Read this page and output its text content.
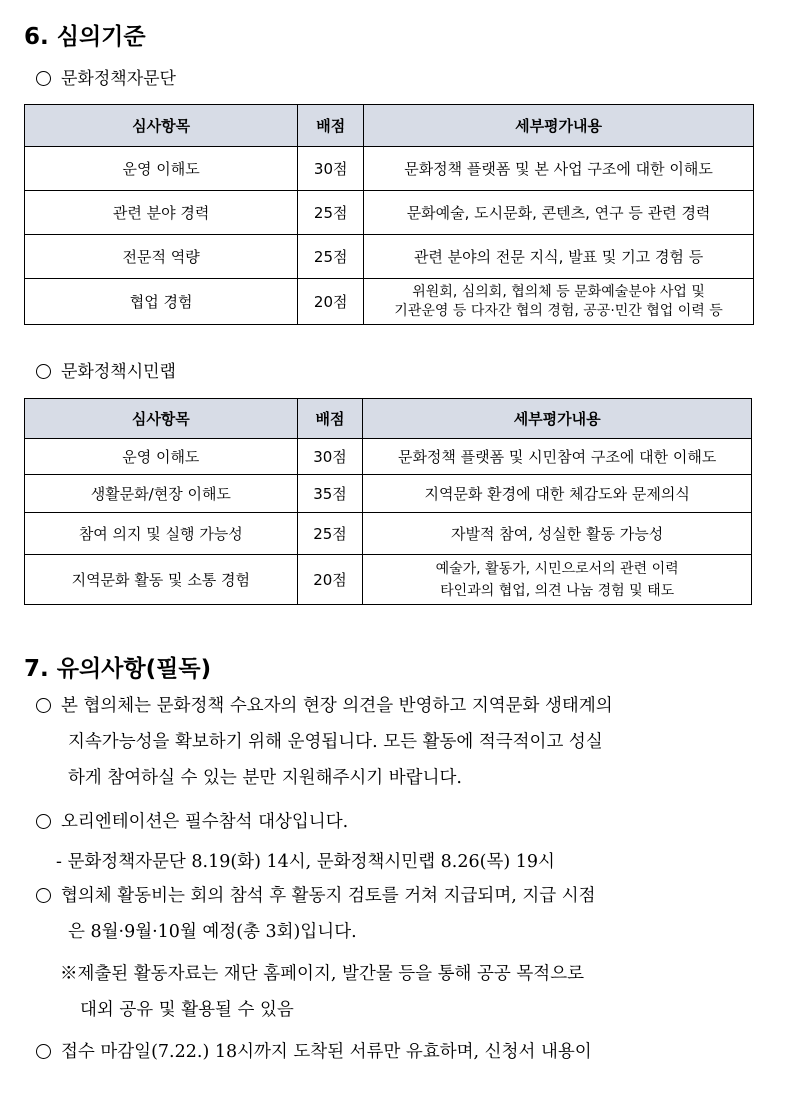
6. 심의기준
문화정책자문단
심사항목	배점	세부평가내용
운영 이해도	30점	문화정책 플랫폼 및 본 사업 구조에 대한 이해도
관련 분야 경력	25점	문화예술, 도시문화, 콘텐츠, 연구 등 관련 경력
전문적 역량	25점	관련 분야의 전문 지식, 발표 및 기고 경험 등
협업 경험	20점	위원회, 심의회, 협의체 등 문화예술분야 사업 및
기관운영 등 다자간 협의 경험, 공공·민간 협업 이력 등
문화정책시민랩
심사항목	배점	세부평가내용
운영 이해도	30점	문화정책 플랫폼 및 시민참여 구조에 대한 이해도
생활문화/현장 이해도	35점	지역문화 환경에 대한 체감도와 문제의식
참여 의지 및 실행 가능성	25점	자발적 참여, 성실한 활동 가능성
지역문화 활동 및 소통 경험	20점	예술가, 활동가, 시민으로서의 관련 이력
타인과의 협업, 의견 나눔 경험 및 태도
7. 유의사항(필독)
본 협의체는 문화정책 수요자의 현장 의견을 반영하고 지역문화 생태계의
지속가능성을 확보하기 위해 운영됩니다. 모든 활동에 적극적이고 성실
하게 참여하실 수 있는 분만 지원해주시기 바랍니다.
오리엔테이션은 필수참석 대상입니다.
- 문화정책자문단 8.19(화) 14시, 문화정책시민랩 8.26(목) 19시
협의체 활동비는 회의 참석 후 활동지 검토를 거쳐 지급되며, 지급 시점
은 8월·9월·10월 예정(총 3회)입니다.
※제출된 활동자료는 재단 홈페이지, 발간물 등을 통해 공공 목적으로
대외 공유 및 활용될 수 있음
접수 마감일(7.22.) 18시까지 도착된 서류만 유효하며, 신청서 내용이
